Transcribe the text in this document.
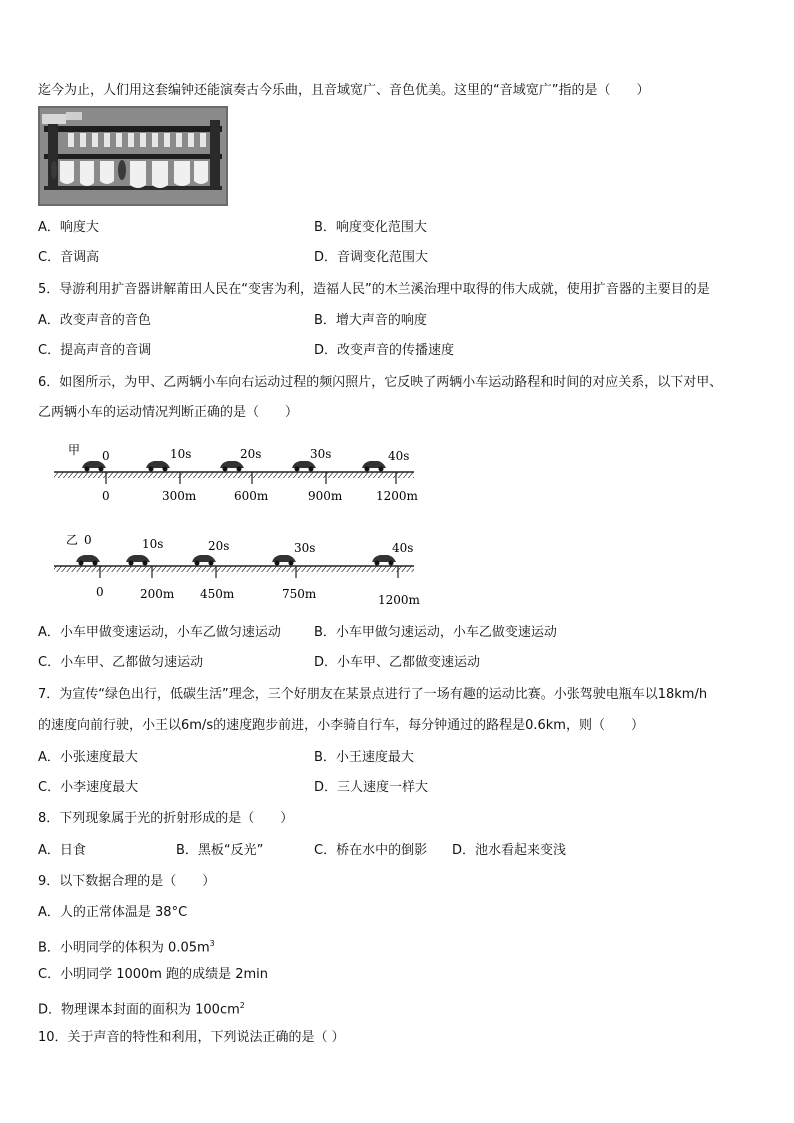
迄今为止，人们用这套编钟还能演奏古今乐曲，且音域宽广、音色优美。这里的“音域宽广”指的是（　　）
A．响度大	B．响度变化范围大
C．音调高	D．音调变化范围大
5．导游利用扩音器讲解莆田人民在“变害为利，造福人民”的木兰溪治理中取得的伟大成就，使用扩音器的主要目的是
A．改变声音的音色	B．增大声音的响度
C．提高声音的音调	D．改变声音的传播速度
6．如图所示，为甲、乙两辆小车向右运动过程的频闪照片，它反映了两辆小车运动路程和时间的对应关系，以下对甲、
乙两辆小车的运动情况判断正确的是（　　）
甲 0	10s	20s	30s	40s
0	300m	600m	900m	1200m
乙 0	10s	20s	30s	40s
0	200m 450m	750m	1200m
A．小车甲做变速运动，小车乙做匀速运动	B．小车甲做匀速运动，小车乙做变速运动
C．小车甲、乙都做匀速运动	D．小车甲、乙都做变速运动
7．为宣传“绿色出行，低碳生活”理念，三个好朋友在某景点进行了一场有趣的运动比赛。小张驾驶电瓶车以18km/h
的速度向前行驶，小王以6m/s的速度跑步前进，小李骑自行车，每分钟通过的路程是0.6km，则（　　）
A．小张速度最大	B．小王速度最大
C．小李速度最大	D．三人速度一样大
8．下列现象属于光的折射形成的是（　　）
A．日食	B．黑板“反光”	C．桥在水中的倒影 D．池水看起来变浅
9．以下数据合理的是（　　）
A．人的正常体温是 38°C
B．小明同学的体积为 $0.05m^3$
C．小明同学 1000m 跑的成绩是 2min
D．物理课本封面的面积为 $100cm^2$
10．关于声音的特性和利用，下列说法正确的是（ ）
